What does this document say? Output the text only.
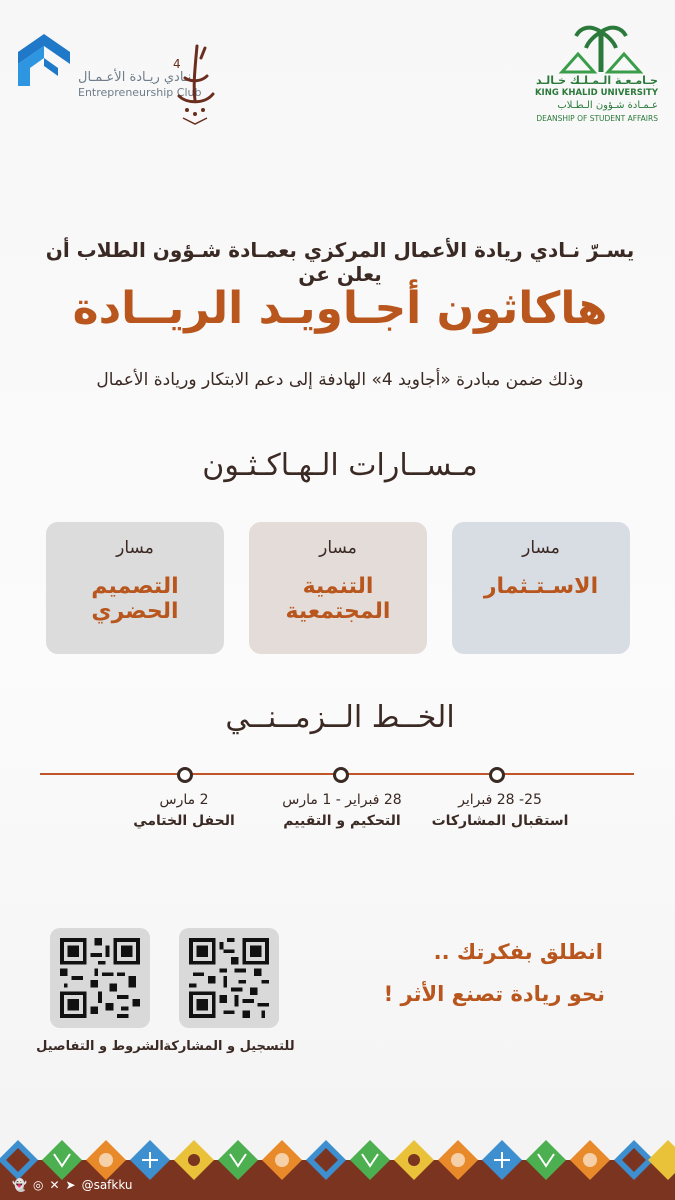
نـادي ريـادة الأعـمـال
Entrepreneurship Club
4
جـامـعـة الـمـلـك خـالـد
KING KHALID UNIVERSITY
عـمـادة شـؤون الـطـلاب
DEANSHIP OF STUDENT AFFAIRS
يسـرّ نـادي ريادة الأعمال المركزي بعمـادة شـؤون الطلاب أن يعلن عن
هاكاثون أجـاويـد الريــادة
وذلك ضمن مبادرة «أجاويد 4» الهادفة إلى دعم الابتكار وريادة الأعمال
مـســارات الـهـاكـثـون
مسار
الاسـتـثمار
مسار
التنمية المجتمعية
مسار
التصميم الحضري
الخــط الــزمــنــي
25- 28 فبراير
استقبال المشاركات
28 فبراير - 1 مارس
التحكيم و التقييم
2 مارس
الحفل الختامي
للتسجيل و المشاركة
الشروط و التفاصيل
انطلق بفكرتك ..
نحو ريادة تصنع الأثر !
👻 ◎ ✕ ➤ @safkku
